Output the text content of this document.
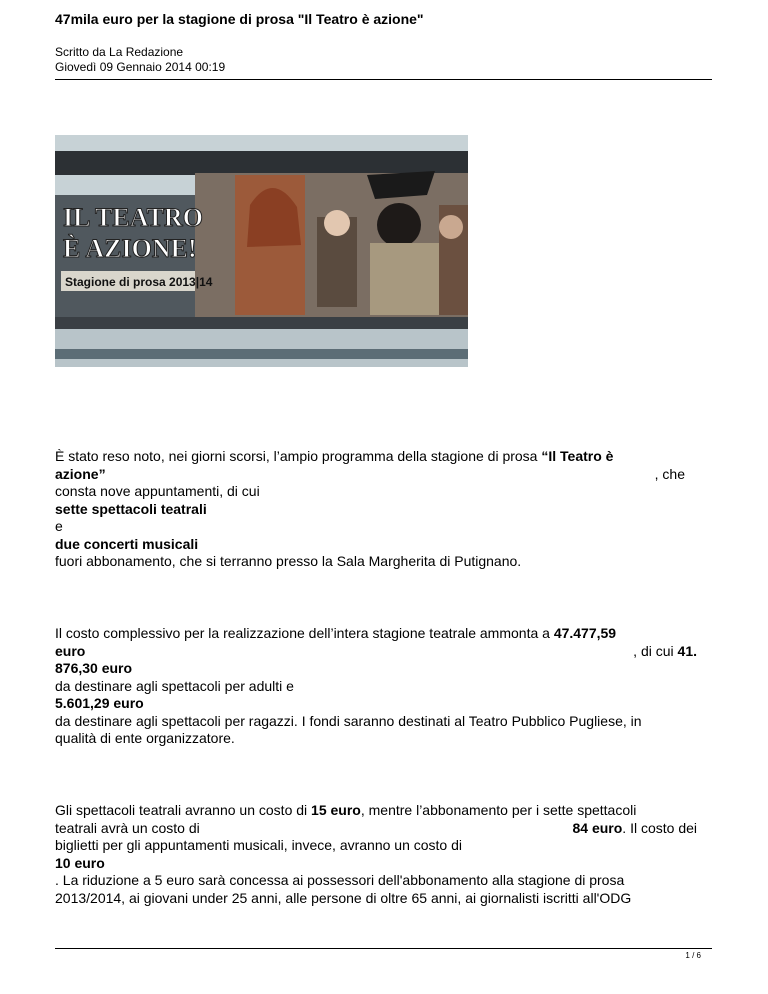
47mila euro per la stagione di prosa "Il Teatro è azione"
Scritto da La Redazione
Giovedì 09 Gennaio 2014 00:19
IL TEATRO
È AZIONE!
Stagione di prosa 2013|14

È stato reso noto, nei giorni scorsi, l’ampio programma della stagione di prosa “Il Teatro è

azione”	, che

consta nove appuntamenti, di cui

sette spettacoli teatrali

e

due concerti musicali

fuori abbonamento, che si terranno presso la Sala Margherita di Putignano.

Il costo complessivo per la realizzazione dell’intera stagione teatrale ammonta a 47.477,59

euro	, di cui 41.

876,30 euro

da destinare agli spettacoli per adulti e

5.601,29 euro

da destinare agli spettacoli per ragazzi. I fondi saranno destinati al Teatro Pubblico Pugliese, in

qualità di ente organizzatore.

Gli spettacoli teatrali avranno un costo di 15 euro, mentre l’abbonamento per i sette spettacoli

teatrali avrà un costo di	84 euro. Il costo dei

biglietti per gli appuntamenti musicali, invece, avranno un costo di

10 euro

. La riduzione a 5 euro sarà concessa ai possessori dell'abbonamento alla stagione di prosa

2013/2014, ai giovani under 25 anni, alle persone di oltre 65 anni, ai giornalisti iscritti all'ODG

1 / 6
